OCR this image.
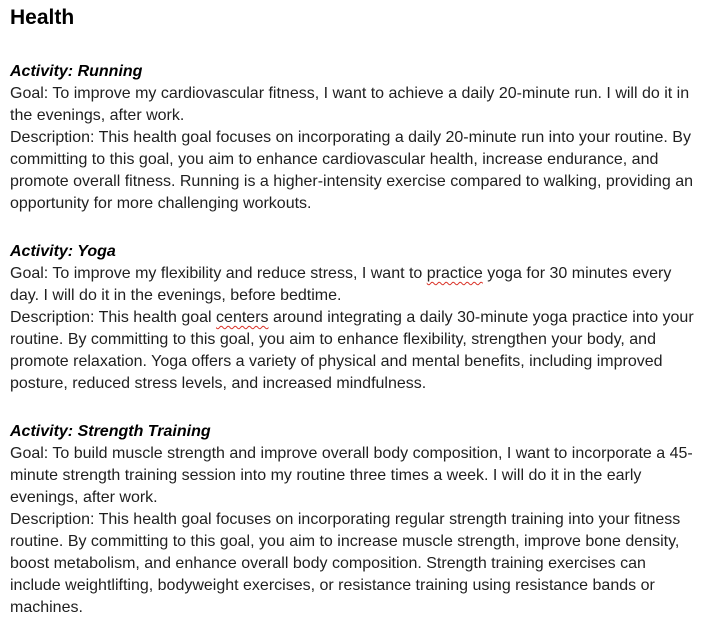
Health

Activity: Running

Goal: To improve my cardiovascular fitness, I want to achieve a daily 20-minute run. I will do it in the evenings, after work.

Description: This health goal focuses on incorporating a daily 20-minute run into your routine. By committing to this goal, you aim to enhance cardiovascular health, increase endurance, and promote overall fitness. Running is a higher-intensity exercise compared to walking, providing an opportunity for more challenging workouts.

Activity: Yoga

Goal: To improve my flexibility and reduce stress, I want to practice yoga for 30 minutes every day. I will do it in the evenings, before bedtime.

Description: This health goal centers around integrating a daily 30-minute yoga practice into your routine. By committing to this goal, you aim to enhance flexibility, strengthen your body, and promote relaxation. Yoga offers a variety of physical and mental benefits, including improved posture, reduced stress levels, and increased mindfulness.

Activity: Strength Training

Goal: To build muscle strength and improve overall body composition, I want to incorporate a 45-minute strength training session into my routine three times a week. I will do it in the early evenings, after work.

Description: This health goal focuses on incorporating regular strength training into your fitness routine. By committing to this goal, you aim to increase muscle strength, improve bone density, boost metabolism, and enhance overall body composition. Strength training exercises can include weightlifting, bodyweight exercises, or resistance training using resistance bands or machines.
